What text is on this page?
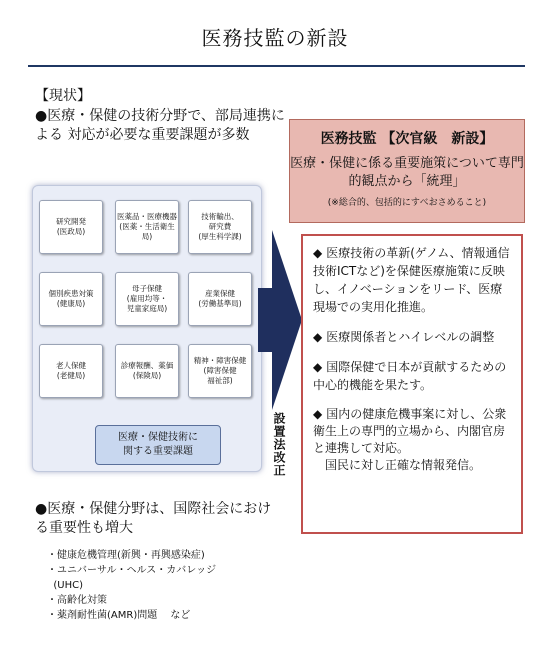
医務技監の新設
【現状】
●医療・保健の技術分野で、部局連携による 対応が必要な重要課題が多数
研究開発
(医政局)
医薬品・医療機器
(医薬・生活衛生局)
技術輸出、
研究費
(厚生科学課)
個別疾患対策
(健康局)
母子保健
(雇用均等・
児童家庭局)
産業保健
(労働基準局)
老人保健
(老健局)
診療報酬、薬価
(保険局)
精神・障害保健
(障害保健
福祉部)
医療・保健技術に
関する重要課題
●医療・保健分野は、国際社会における重要性も増大
・健康危機管理(新興・再興感染症)
・ユニバーサル・ヘルス・カバレッジ
(UHC)
・高齢化対策
・薬剤耐性菌(AMR)問題　 など
設置法改正
医務技監 【次官級　新設】
医療・保健に係る重要施策について専門的観点から「統理」
(※総合的、包括的にすべおさめること)
◆ 医療技術の革新(ゲノム、情報通信技術ICTなど)を保健医療施策に反映し、イノベーションをリード、医療現場での実用化推進。
◆ 医療関係者とハイレベルの調整
◆ 国際保健で日本が貢献するための中心的機能を果たす。
◆ 国内の健康危機事案に対し、公衆衛生上の専門的立場から、内閣官房と連携して対応。
　国民に対し正確な情報発信。
